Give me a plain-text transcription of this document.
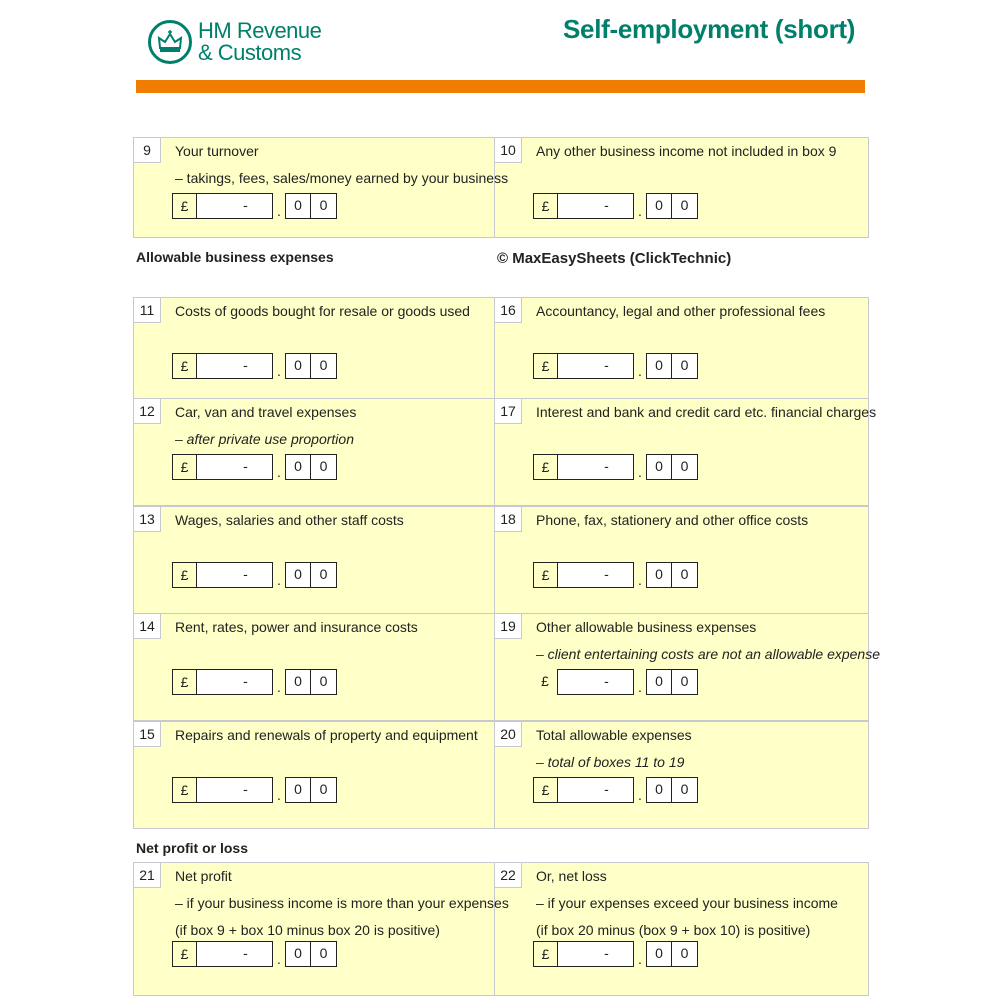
HM Revenue
& Customs
Self-employment (short)
Allowable business expenses	© MaxEasySheets (ClickTechnic)
Net profit or loss
9	Your turnover
– takings, fees, sales/money earned by your business
£	-	. 0	0
10	Any other business income not included in box 9
£	-	. 0	0
11	Costs of goods bought for resale or goods used
£	-	. 0	0
16	Accountancy, legal and other professional fees
£	-	. 0	0
12	Car, van and travel expenses
– after private use proportion
£	-	. 0	0
17	Interest and bank and credit card etc. financial charges
£	-	. 0	0
13	Wages, salaries and other staff costs
£	-	. 0	0
18	Phone, fax, stationery and other office costs
£	-	. 0	0
14	Rent, rates, power and insurance costs
£	-	. 0	0
19	Other allowable business expenses
– client entertaining costs are not an allowable expense
£	-	. 0	0
15	Repairs and renewals of property and equipment
£	-	. 0	0
20	Total allowable expenses
– total of boxes 11 to 19
£	-	. 0	0
21	Net profit
– if your business income is more than your expenses
(if box 9 + box 10 minus box 20 is positive)
£	-	. 0	0
22	Or, net loss
– if your expenses exceed your business income
(if box 20 minus (box 9 + box 10) is positive)
£	-	. 0	0
